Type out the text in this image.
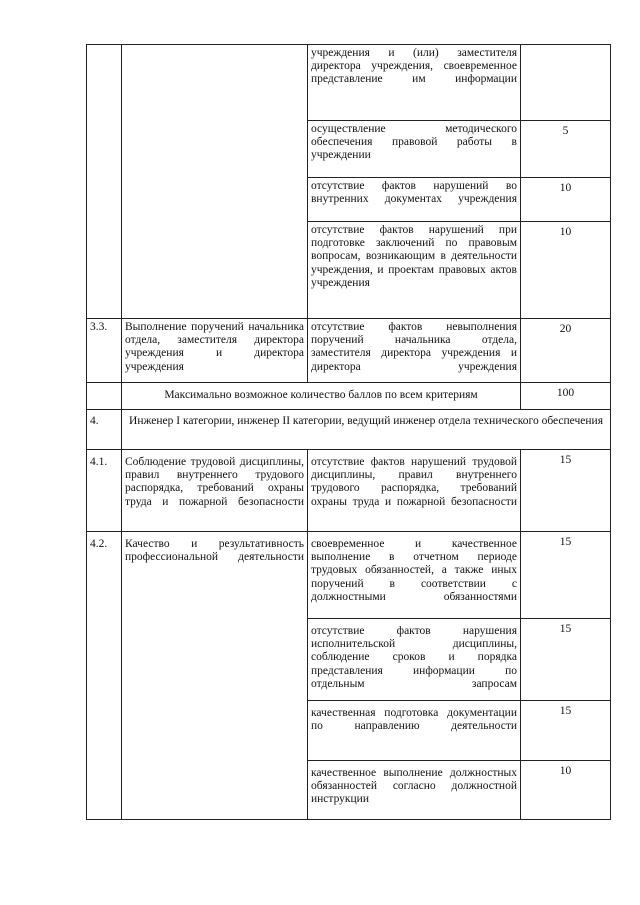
		учреждения и (или) заместителя директора учреждения, своевременное представление им информации	
		осуществление методического обеспечения правовой работы в учреждении	5
		отсутствие фактов нарушений во внутренних документах учреждения	10
		отсутствие фактов нарушений при подготовке заключений по правовым вопросам, возникающим в деятельности учреждения, и проектам правовых актов учреждения	10
3.3.	Выполнение поручений начальника отдела, заместителя директора учреждения и директора учреждения	отсутствие фактов невыполнения поручений начальника отдела, заместителя директора учреждения и директора учреждения	20
	Максимально возможное количество баллов по всем критериям		100
4.	Инженер I категории, инженер II категории, ведущий инженер отдела технического обеспечения		
4.1.	Соблюдение трудовой дисциплины, правил внутреннего трудового распорядка, требований охраны труда и пожарной безопасности	отсутствие фактов нарушений трудовой дисциплины, правил внутреннего трудового распорядка, требований охраны труда и пожарной безопасности	15
4.2.	Качество и результативность профессиональной деятельности	своевременное и качественное выполнение в отчетном периоде трудовых обязанностей, а также иных поручений в соответствии с должностными обязанностями	15
		отсутствие фактов нарушения исполнительской дисциплины, соблюдение сроков и порядка представления информации по отдельным запросам	15
		качественная подготовка документации по направлению деятельности	15
		качественное выполнение должностных обязанностей согласно должностной инструкции	10
